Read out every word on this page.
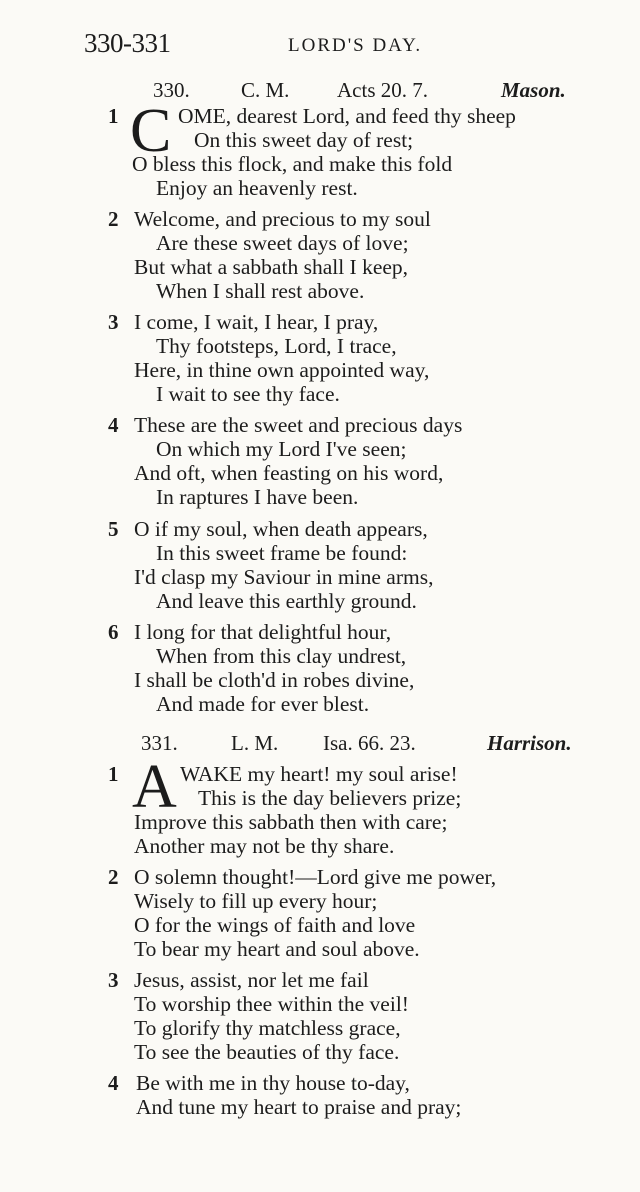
330-331	LORD'S DAY.
330. C. M. Acts 20. 7.	Mason.
1 C OME, dearest Lord, and feed thy sheep
On this sweet day of rest;
O bless this flock, and make this fold
Enjoy an heavenly rest.
2 Welcome, and precious to my soul
Are these sweet days of love;
But what a sabbath shall I keep,
When I shall rest above.
3 I come, I wait, I hear, I pray,
Thy footsteps, Lord, I trace,
Here, in thine own appointed way,
I wait to see thy face.
4 These are the sweet and precious days
On which my Lord I've seen;
And oft, when feasting on his word,
In raptures I have been.
5 O if my soul, when death appears,
In this sweet frame be found:
I'd clasp my Saviour in mine arms,
And leave this earthly ground.
6 I long for that delightful hour,
When from this clay undrest,
I shall be cloth'd in robes divine,
And made for ever blest.
331.	L. M. Isa. 66. 23.	Harrison.
1 A WAKE my heart! my soul arise!
This is the day believers prize;
Improve this sabbath then with care;
Another may not be thy share.
2 O solemn thought!—Lord give me power,
Wisely to fill up every hour;
O for the wings of faith and love
To bear my heart and soul above.
3 Jesus, assist, nor let me fail
To worship thee within the veil!
To glorify thy matchless grace,
To see the beauties of thy face.
4 Be with me in thy house to-day,
And tune my heart to praise and pray;
